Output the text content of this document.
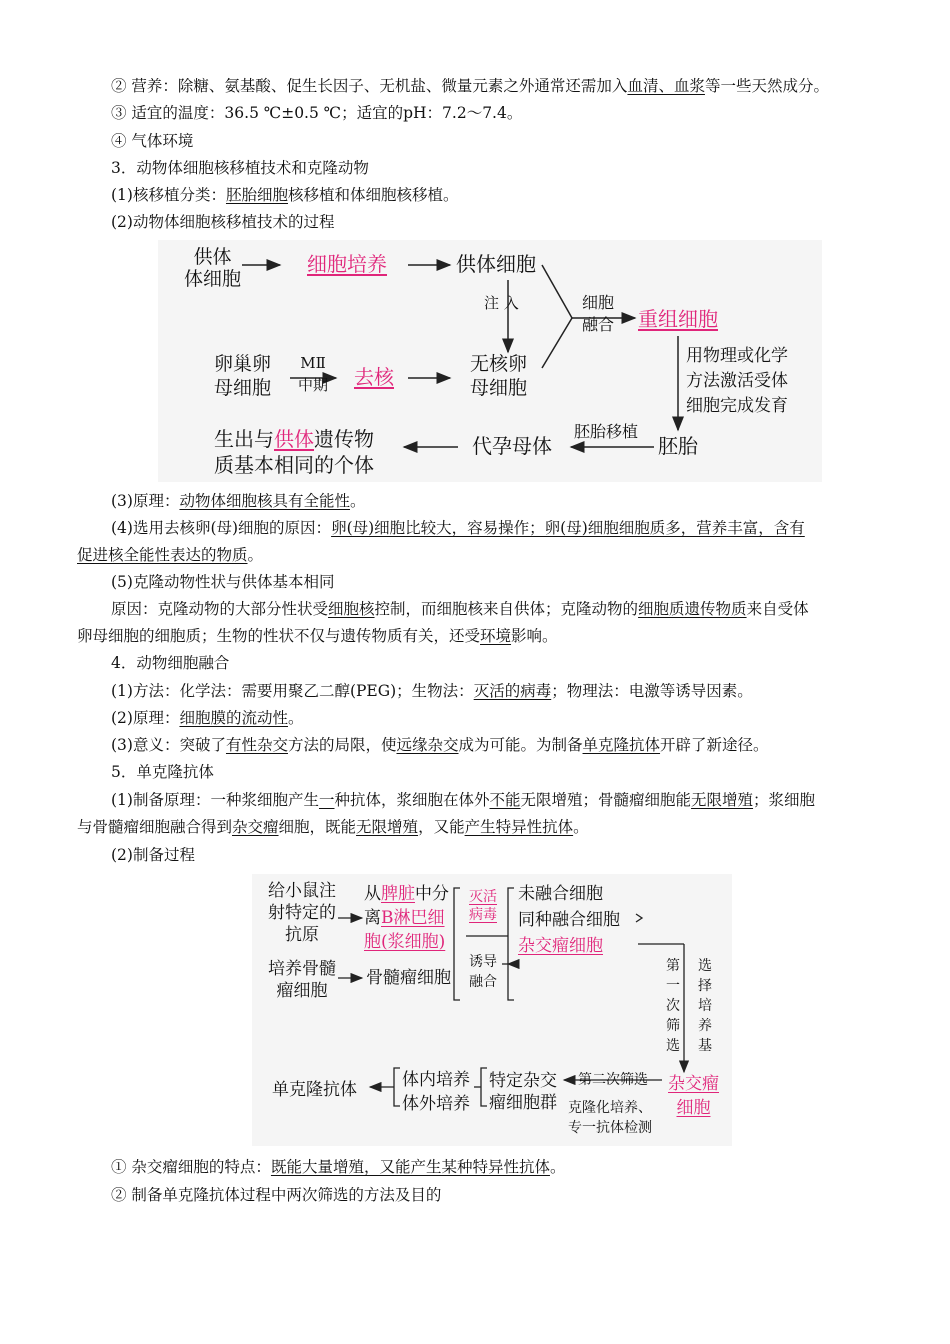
② 营养：除糖、氨基酸、促生长因子、无机盐、微量元素之外通常还需加入血清、血浆等一些天然成分。
③ 适宜的温度：36.5 ℃±0.5 ℃；适宜的pH：7.2～7.4。
④ 气体环境
3．动物体细胞核移植技术和克隆动物
(1)核移植分类：胚胎细胞核移植和体细胞核移植。
(2)动物体细胞核移植技术的过程
供体
体细胞
细胞培养	供体细胞
注 入	细胞
融合 重组细胞
卵巢卵
母细胞
MⅡ
中期 去核
无核卵
母细胞
用物理或化学
方法激活受体
细胞完成发育
胚胎移植
胚胎
代孕母体
生出与供体遗传物
质基本相同的个体
(3)原理：动物体细胞核具有全能性。
(4)选用去核卵(母)细胞的原因：卵(母)细胞比较大，容易操作；卵(母)细胞细胞质多，营养丰富，含有
促进核全能性表达的物质。
(5)克隆动物性状与供体基本相同
原因：克隆动物的大部分性状受细胞核控制，而细胞核来自供体；克隆动物的细胞质遗传物质来自受体
卵母细胞的细胞质；生物的性状不仅与遗传物质有关，还受环境影响。
4．动物细胞融合
(1)方法：化学法：需要用聚乙二醇(PEG)；生物法：灭活的病毒；物理法：电激等诱导因素。
(2)原理：细胞膜的流动性。
(3)意义：突破了有性杂交方法的局限，使远缘杂交成为可能。为制备单克隆抗体开辟了新途径。
5．单克隆抗体
(1)制备原理：一种浆细胞产生一种抗体，浆细胞在体外不能无限增殖；骨髓瘤细胞能无限增殖；浆细胞
与骨髓瘤细胞融合得到杂交瘤细胞，既能无限增殖，又能产生特异性抗体。
(2)制备过程
给小鼠注
射特定的
抗原
从脾脏中分
离B淋巴细
胞(浆细胞)
培养骨髓
瘤细胞
骨髓瘤细胞
灭活
病毒
诱导
融合
未融合细胞
同种融合细胞
杂交瘤细胞
第
一
次
筛
选
选
择
培
养
基
杂交瘤
细胞
第二次筛选
克隆化培养、
专一抗体检测
特定杂交
瘤细胞群
体内培养
体外培养
单克隆抗体
① 杂交瘤细胞的特点：既能大量增殖，又能产生某种特异性抗体。
② 制备单克隆抗体过程中两次筛选的方法及目的
